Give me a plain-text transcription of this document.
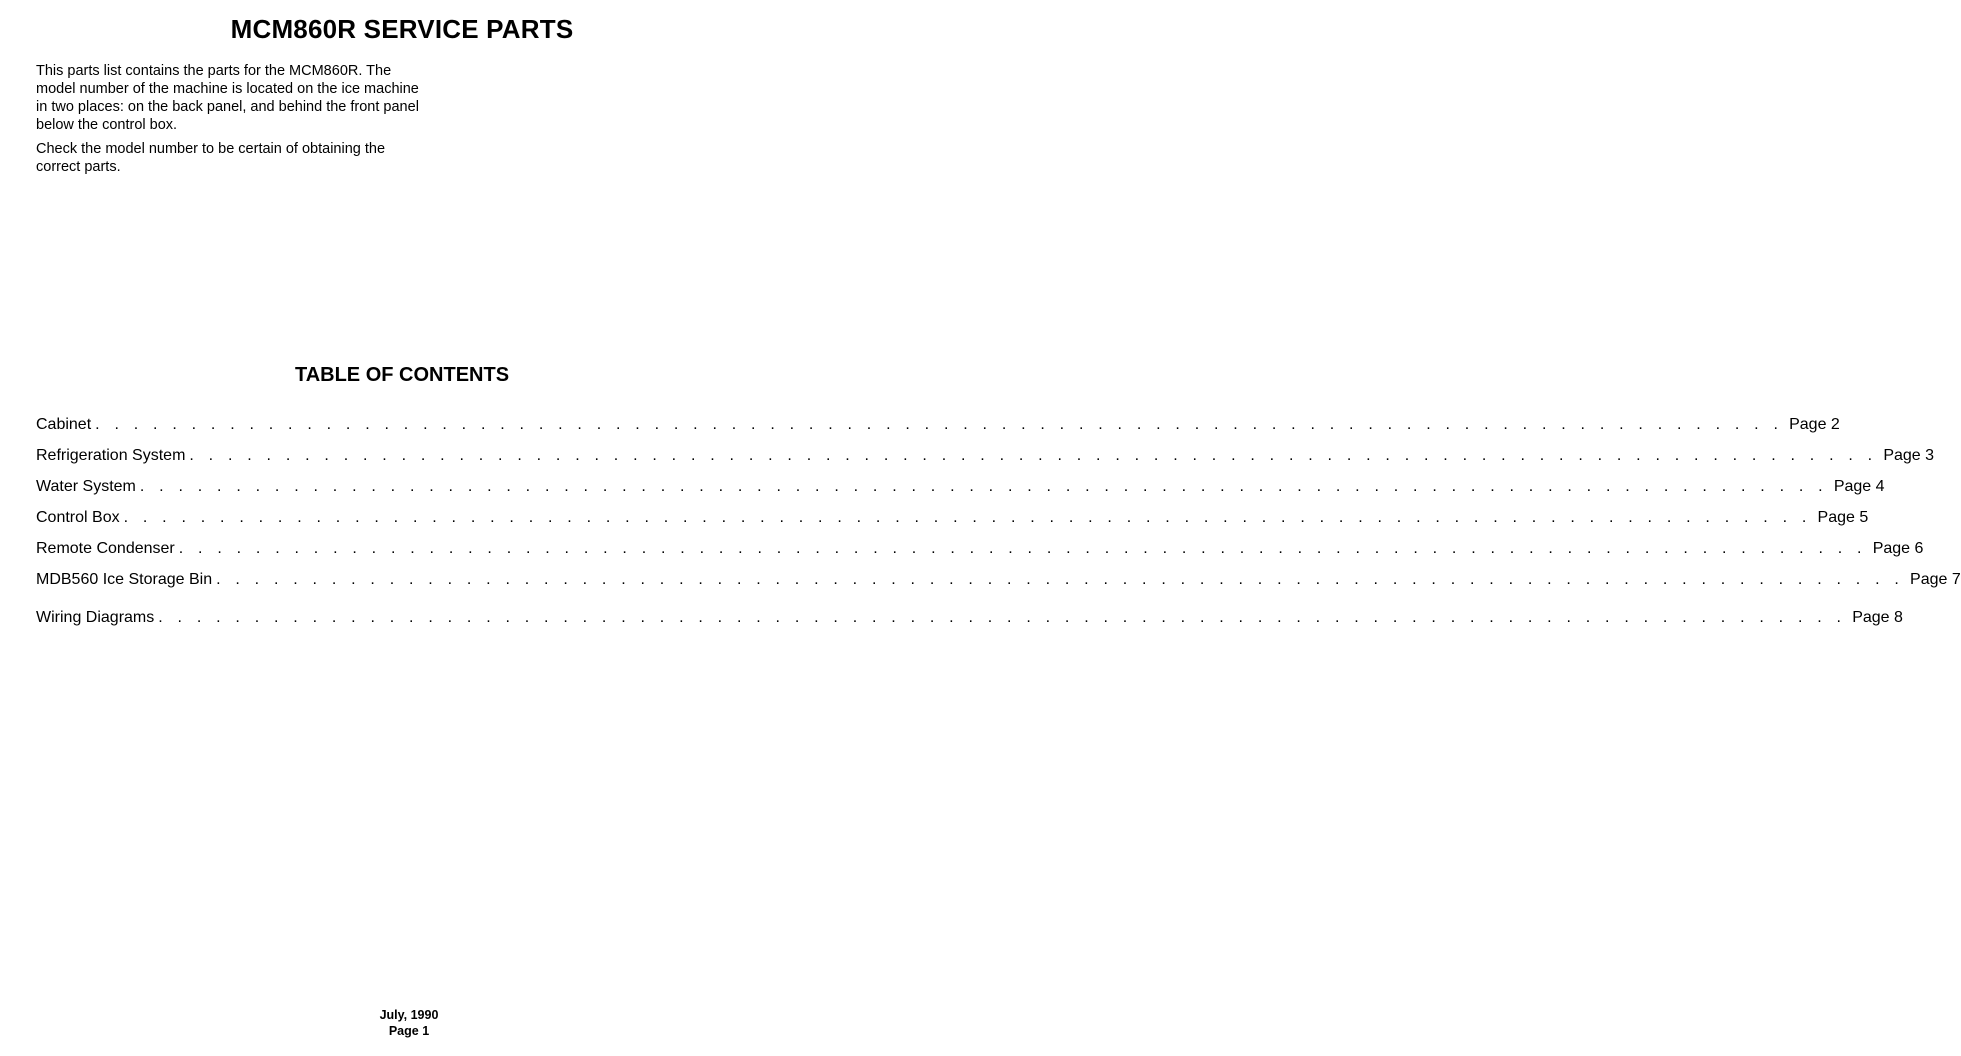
MCM860R SERVICE PARTS

This parts list contains the parts for the MCM860R. The model number of the machine is located on the ice machine in two places: on the back panel, and behind the front panel below the control box.

Check the model number to be certain of obtaining the correct parts.

TABLE OF CONTENTS
Cabinet . . . . . . . . . . . . . . . . . . . . . . . . . . . . . . . . . . . . . . . . . . . . . . . . . . . . . . . . . . . . . . . . . . . . . . . . . . . . . . . . . . . . . . . . Page 2
Refrigeration System . . . . . . . . . . . . . . . . . . . . . . . . . . . . . . . . . . . . . . . . . . . . . . . . . . . . . . . . . . . . . . . . . . . . . . . . . . . . . . . . . . . . . . . . Page 3
Water System . . . . . . . . . . . . . . . . . . . . . . . . . . . . . . . . . . . . . . . . . . . . . . . . . . . . . . . . . . . . . . . . . . . . . . . . . . . . . . . . . . . . . . . . Page 4
Control Box . . . . . . . . . . . . . . . . . . . . . . . . . . . . . . . . . . . . . . . . . . . . . . . . . . . . . . . . . . . . . . . . . . . . . . . . . . . . . . . . . . . . . . . . Page 5
Remote Condenser . . . . . . . . . . . . . . . . . . . . . . . . . . . . . . . . . . . . . . . . . . . . . . . . . . . . . . . . . . . . . . . . . . . . . . . . . . . . . . . . . . . . . . . . Page 6
MDB560 Ice Storage Bin . . . . . . . . . . . . . . . . . . . . . . . . . . . . . . . . . . . . . . . . . . . . . . . . . . . . . . . . . . . . . . . . . . . . . . . . . . . . . . . . . . . . . . . . Page 7
Wiring Diagrams . . . . . . . . . . . . . . . . . . . . . . . . . . . . . . . . . . . . . . . . . . . . . . . . . . . . . . . . . . . . . . . . . . . . . . . . . . . . . . . . . . . . . . . . Page 8
July, 1990
Page 1
